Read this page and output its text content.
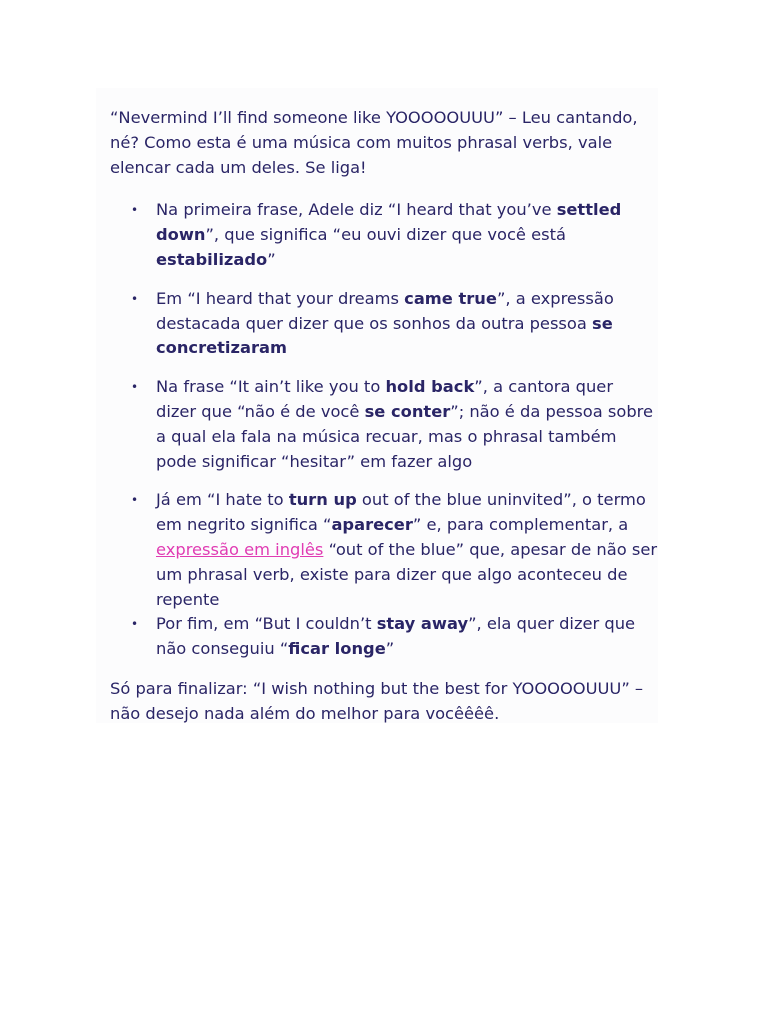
“Nevermind I’ll find someone like YOOOOOUUU” – Leu cantando, né? Como esta é uma música com muitos phrasal verbs, vale elencar cada um deles. Se liga!

• Na primeira frase, Adele diz “I heard that you’ve settled down”, que significa “eu ouvi dizer que você está estabilizado”
• Em “I heard that your dreams came true”, a expressão destacada quer dizer que os sonhos da outra pessoa se concretizaram
• Na frase “It ain’t like you to hold back”, a cantora quer dizer que “não é de você se conter”; não é da pessoa sobre a qual ela fala na música recuar, mas o phrasal também pode significar “hesitar” em fazer algo
• Já em “I hate to turn up out of the blue uninvited”, o termo em negrito significa “aparecer” e, para complementar, a expressão em inglês “out of the blue” que, apesar de não ser um phrasal verb, existe para dizer que algo aconteceu de repente
• Por fim, em “But I couldn’t stay away”, ela quer dizer que não conseguiu “ficar longe”

Só para finalizar: “I wish nothing but the best for YOOOOOUUU” – não desejo nada além do melhor para vocêêêê.
